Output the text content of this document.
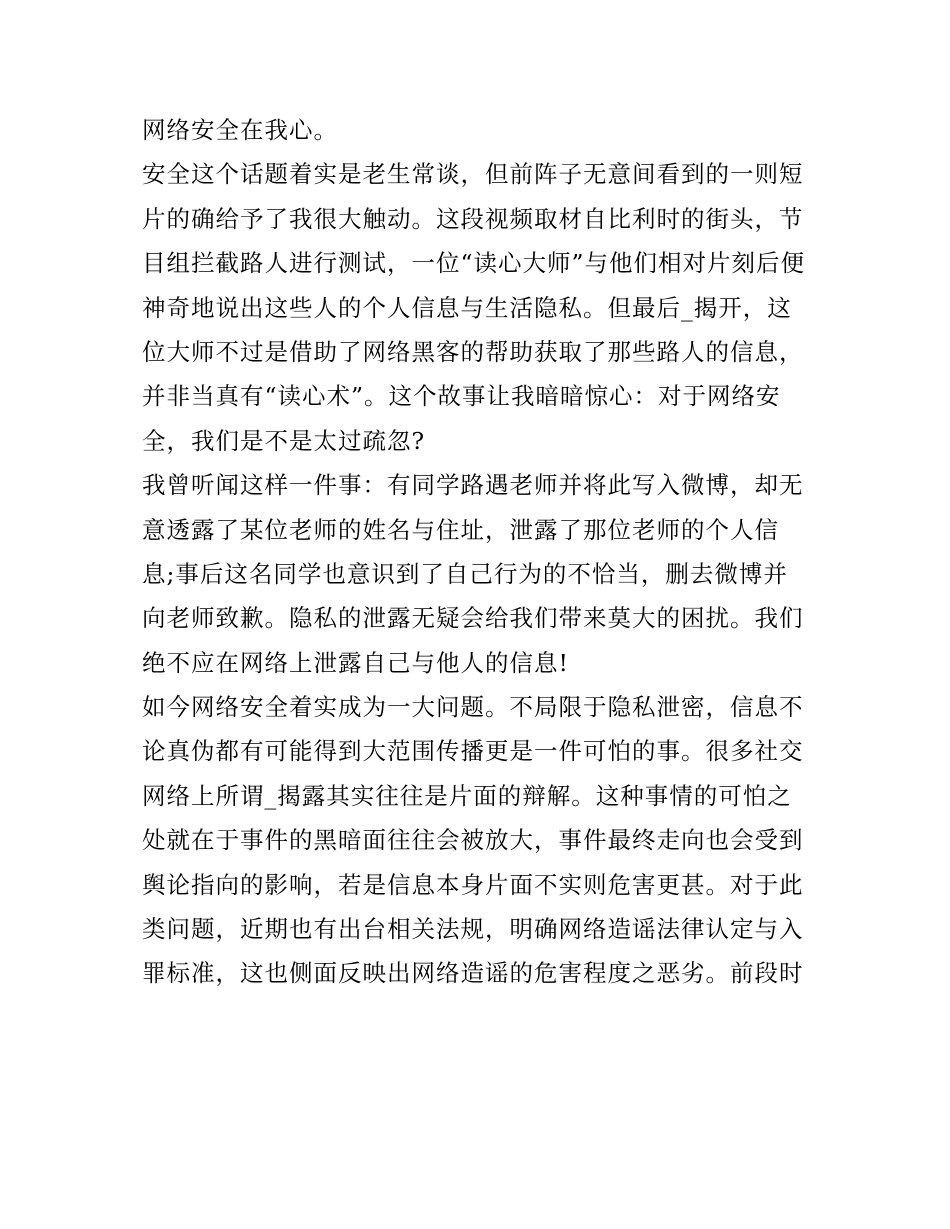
网络安全在我心。
安全这个话题着实是老生常谈，但前阵子无意间看到的一则短
片的确给予了我很大触动。这段视频取材自比利时的街头，节
目组拦截路人进行测试，一位“读心大师”与他们相对片刻后便
神奇地说出这些人的个人信息与生活隐私。但最后_揭开，这
位大师不过是借助了网络黑客的帮助获取了那些路人的信息，
并非当真有“读心术”。这个故事让我暗暗惊心：对于网络安
全，我们是不是太过疏忽?
我曾听闻这样一件事：有同学路遇老师并将此写入微博，却无
意透露了某位老师的姓名与住址，泄露了那位老师的个人信
息;事后这名同学也意识到了自己行为的不恰当，删去微博并
向老师致歉。隐私的泄露无疑会给我们带来莫大的困扰。我们
绝不应在网络上泄露自己与他人的信息!
如今网络安全着实成为一大问题。不局限于隐私泄密，信息不
论真伪都有可能得到大范围传播更是一件可怕的事。很多社交
网络上所谓_揭露其实往往是片面的辩解。这种事情的可怕之
处就在于事件的黑暗面往往会被放大，事件最终走向也会受到
舆论指向的影响，若是信息本身片面不实则危害更甚。对于此
类问题，近期也有出台相关法规，明确网络造谣法律认定与入
罪标准，这也侧面反映出网络造谣的危害程度之恶劣。前段时
